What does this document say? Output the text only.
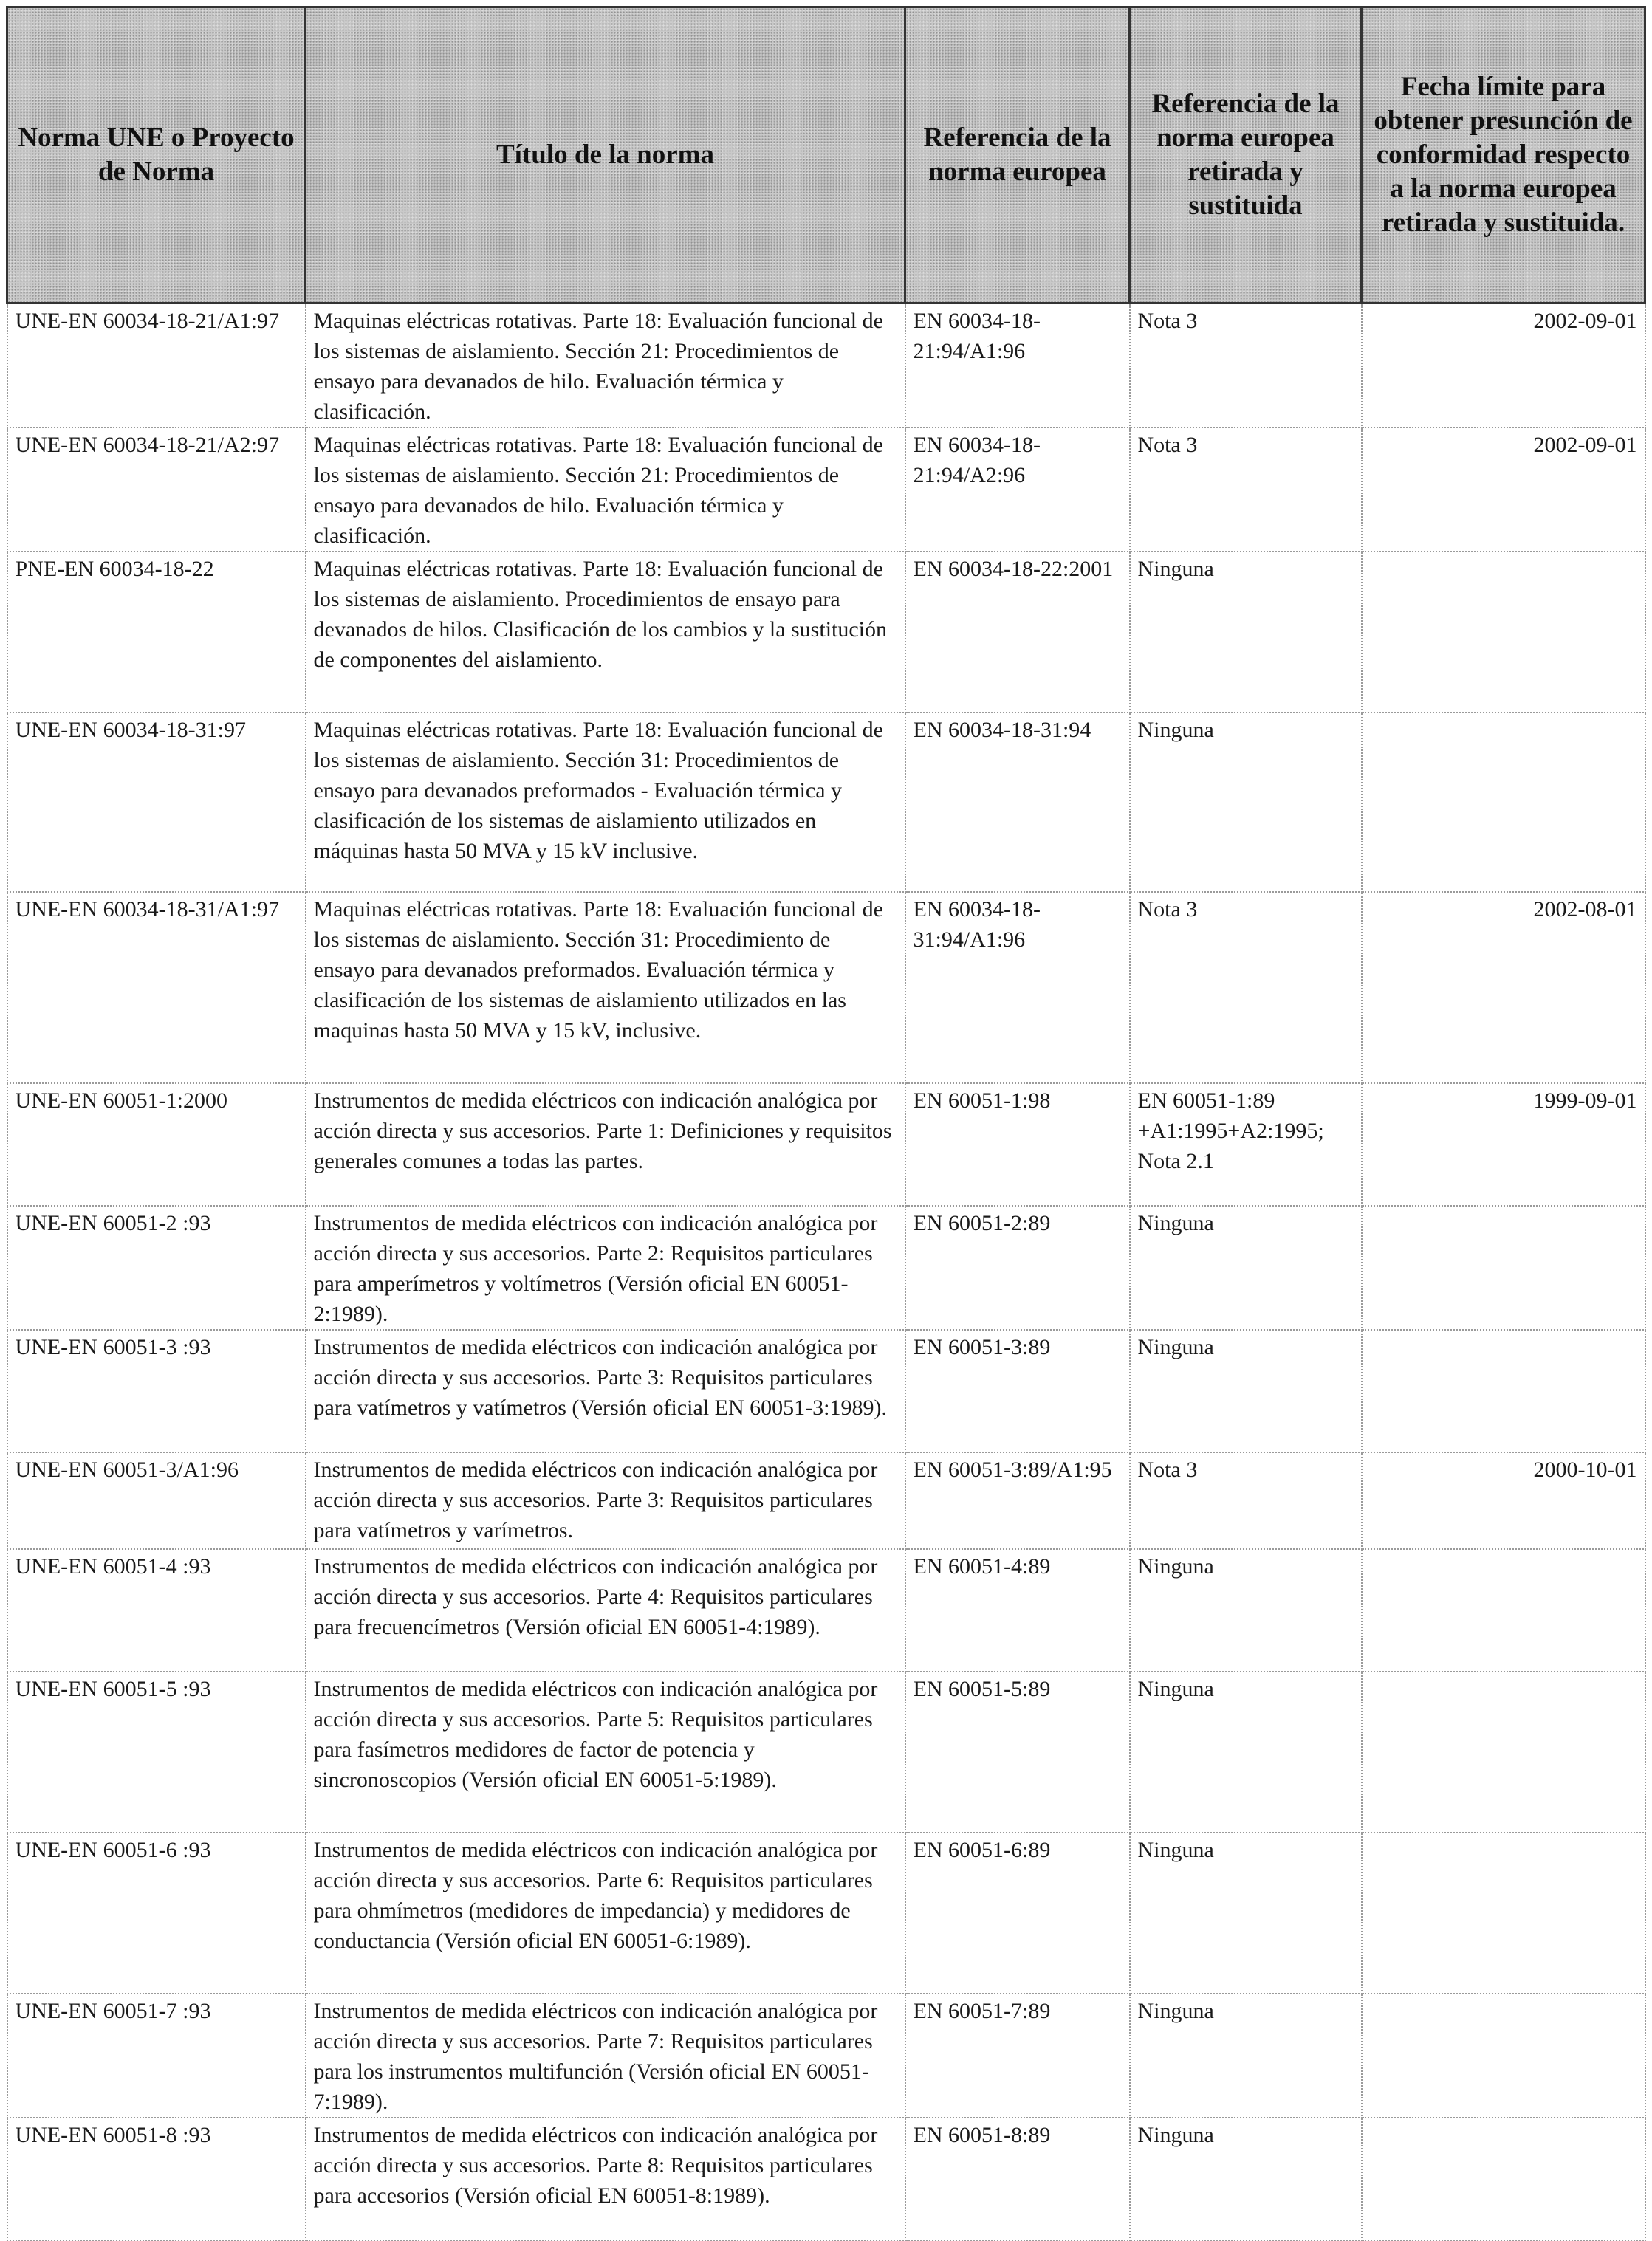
Norma UNE o Proyecto de Norma	Título de la norma	Referencia de la norma europea	Referencia de la norma europea retirada y sustituida	Fecha límite para obtener presunción de conformidad respecto a la norma europea retirada y sustituida.
UNE-EN 60034-18-21/A1:97	Maquinas eléctricas rotativas. Parte 18: Evaluación funcional de los sistemas de aislamiento. Sección 21: Procedimientos de ensayo para devanados de hilo. Evaluación térmica y clasificación.	EN 60034-18-21:94/A1:96	Nota 3	2002-09-01
UNE-EN 60034-18-21/A2:97	Maquinas eléctricas rotativas. Parte 18: Evaluación funcional de los sistemas de aislamiento. Sección 21: Procedimientos de ensayo para devanados de hilo. Evaluación térmica y clasificación.	EN 60034-18-21:94/A2:96	Nota 3	2002-09-01
PNE-EN 60034-18-22	Maquinas eléctricas rotativas. Parte 18: Evaluación funcional de los sistemas de aislamiento. Procedimientos de ensayo para devanados de hilos. Clasificación de los cambios y la sustitución de componentes del aislamiento.	EN 60034-18-22:2001	Ninguna	
UNE-EN 60034-18-31:97	Maquinas eléctricas rotativas. Parte 18: Evaluación funcional de los sistemas de aislamiento. Sección 31: Procedimientos de ensayo para devanados preformados - Evaluación térmica y clasificación de los sistemas de aislamiento utilizados en máquinas hasta 50 MVA y 15 kV inclusive.	EN 60034-18-31:94	Ninguna	
UNE-EN 60034-18-31/A1:97	Maquinas eléctricas rotativas. Parte 18: Evaluación funcional de los sistemas de aislamiento. Sección 31: Procedimiento de ensayo para devanados preformados. Evaluación térmica y clasificación de los sistemas de aislamiento utilizados en las maquinas hasta 50 MVA y 15 kV, inclusive.	EN 60034-18-31:94/A1:96	Nota 3	2002-08-01
UNE-EN 60051-1:2000	Instrumentos de medida eléctricos con indicación analógica por acción directa y sus accesorios. Parte 1: Definiciones y requisitos generales comunes a todas las partes.	EN 60051-1:98	EN 60051-1:89 +A1:1995+A2:1995; Nota 2.1	1999-09-01
UNE-EN 60051-2 :93	Instrumentos de medida eléctricos con indicación analógica por acción directa y sus accesorios. Parte 2: Requisitos particulares para amperímetros y voltímetros (Versión oficial EN 60051-2:1989).	EN 60051-2:89	Ninguna	
UNE-EN 60051-3 :93	Instrumentos de medida eléctricos con indicación analógica por acción directa y sus accesorios. Parte 3: Requisitos particulares para vatímetros y vatímetros (Versión oficial EN 60051-3:1989).	EN 60051-3:89	Ninguna	
UNE-EN 60051-3/A1:96	Instrumentos de medida eléctricos con indicación analógica por acción directa y sus accesorios. Parte 3: Requisitos particulares para vatímetros y varímetros.	EN 60051-3:89/A1:95	Nota 3	2000-10-01
UNE-EN 60051-4 :93	Instrumentos de medida eléctricos con indicación analógica por acción directa y sus accesorios. Parte 4: Requisitos particulares para frecuencímetros (Versión oficial EN 60051-4:1989).	EN 60051-4:89	Ninguna	
UNE-EN 60051-5 :93	Instrumentos de medida eléctricos con indicación analógica por acción directa y sus accesorios. Parte 5: Requisitos particulares para fasímetros medidores de factor de potencia y sincronoscopios (Versión oficial EN 60051-5:1989).	EN 60051-5:89	Ninguna	
UNE-EN 60051-6 :93	Instrumentos de medida eléctricos con indicación analógica por acción directa y sus accesorios. Parte 6: Requisitos particulares para ohmímetros (medidores de impedancia) y medidores de conductancia (Versión oficial EN 60051-6:1989).	EN 60051-6:89	Ninguna	
UNE-EN 60051-7 :93	Instrumentos de medida eléctricos con indicación analógica por acción directa y sus accesorios. Parte 7: Requisitos particulares para los instrumentos multifunción (Versión oficial EN 60051-7:1989).	EN 60051-7:89	Ninguna	
UNE-EN 60051-8 :93	Instrumentos de medida eléctricos con indicación analógica por acción directa y sus accesorios. Parte 8: Requisitos particulares para accesorios (Versión oficial EN 60051-8:1989).	EN 60051-8:89	Ninguna	
